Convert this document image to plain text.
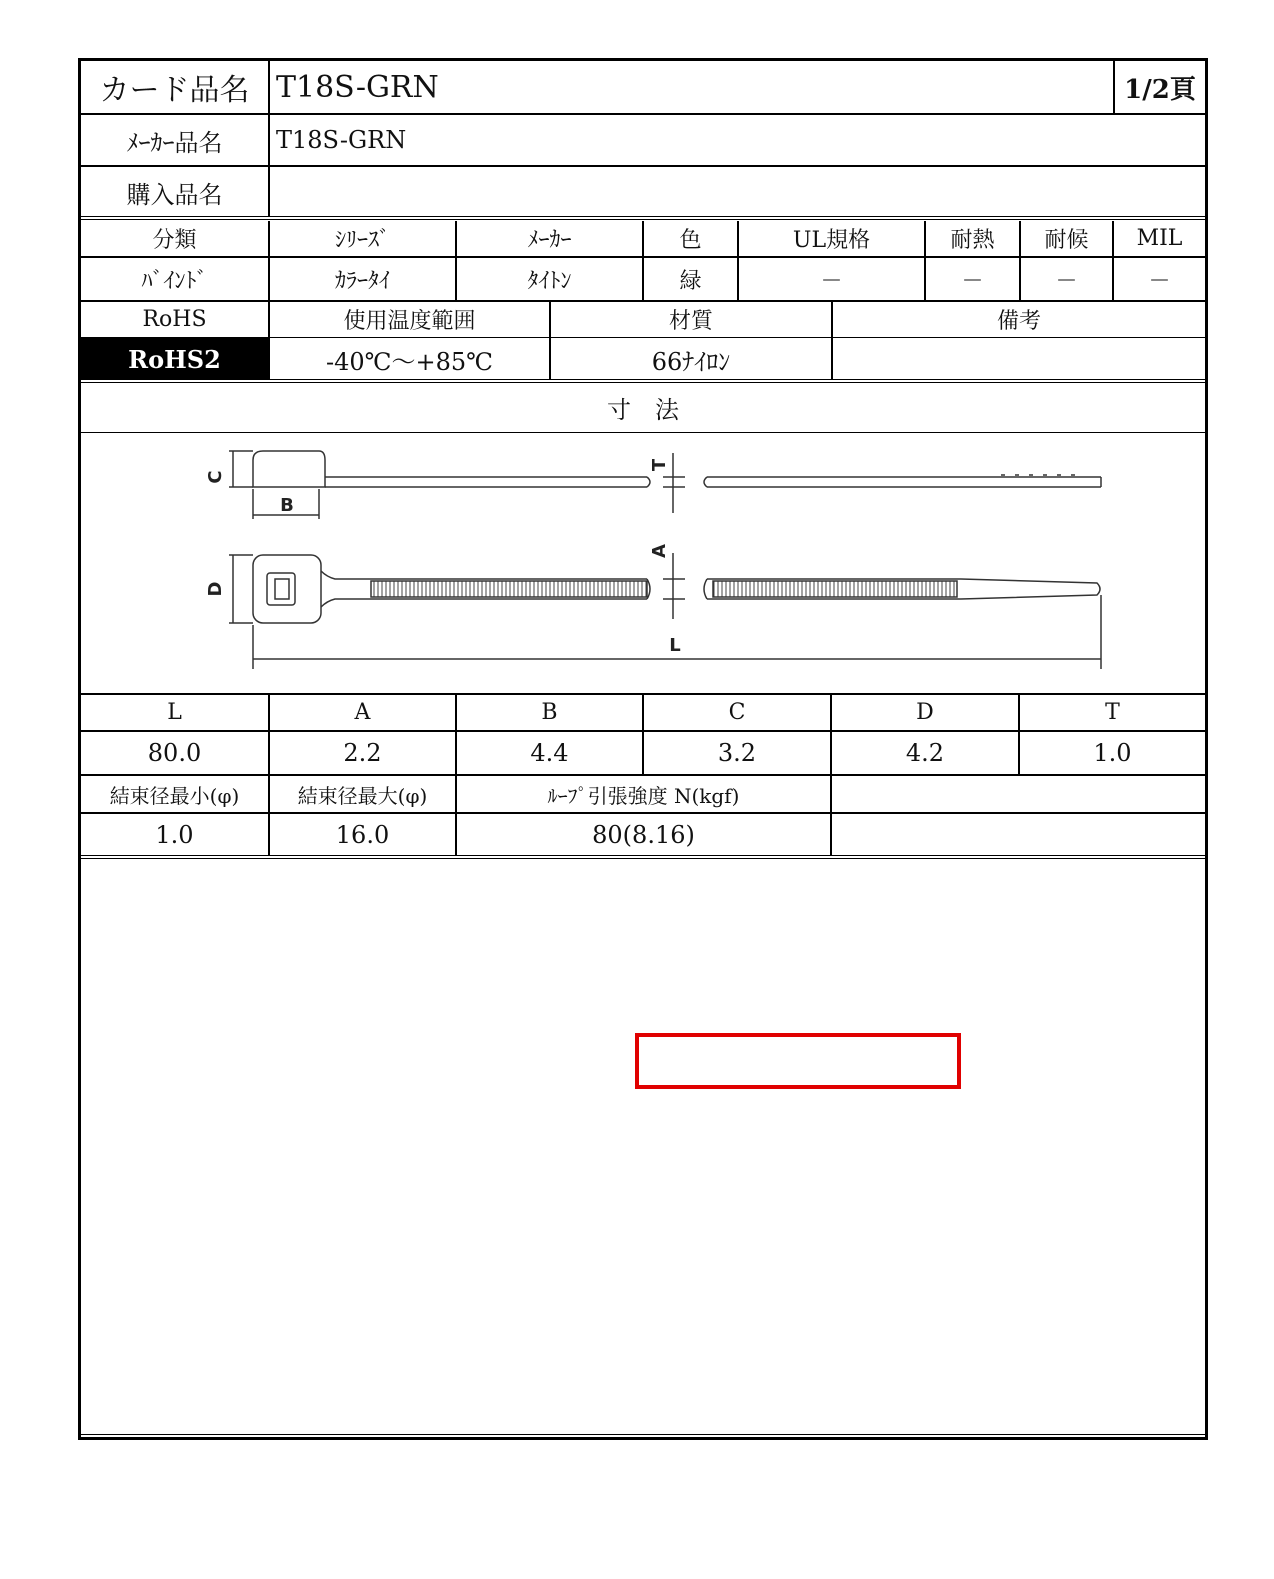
カード品名 T18S-GRN	1/2頁
ﾒｰｶｰ品名	T18S-GRN
購入品名
分類	ｼﾘｰｽﾞ	ﾒｰｶｰ	色	UL規格	耐熱	耐候	MIL
ﾊﾞｲﾝﾄﾞ	ｶﾗｰﾀｲ	ﾀｲﾄﾝ	緑	－	－	－	－
RoHS	使用温度範囲	材質	備考
RoHS2	-40℃～+85℃	66ﾅｲﾛﾝ
寸　法
C
B
T
A
D
L
L	A	B	C	D	T
80.0	2.2	4.4	3.2	4.2	1.0
結束径最小(φ)	結束径最大(φ)	ﾙｰﾌﾟ引張強度 N(kgf)
1.0	16.0	80(8.16)
